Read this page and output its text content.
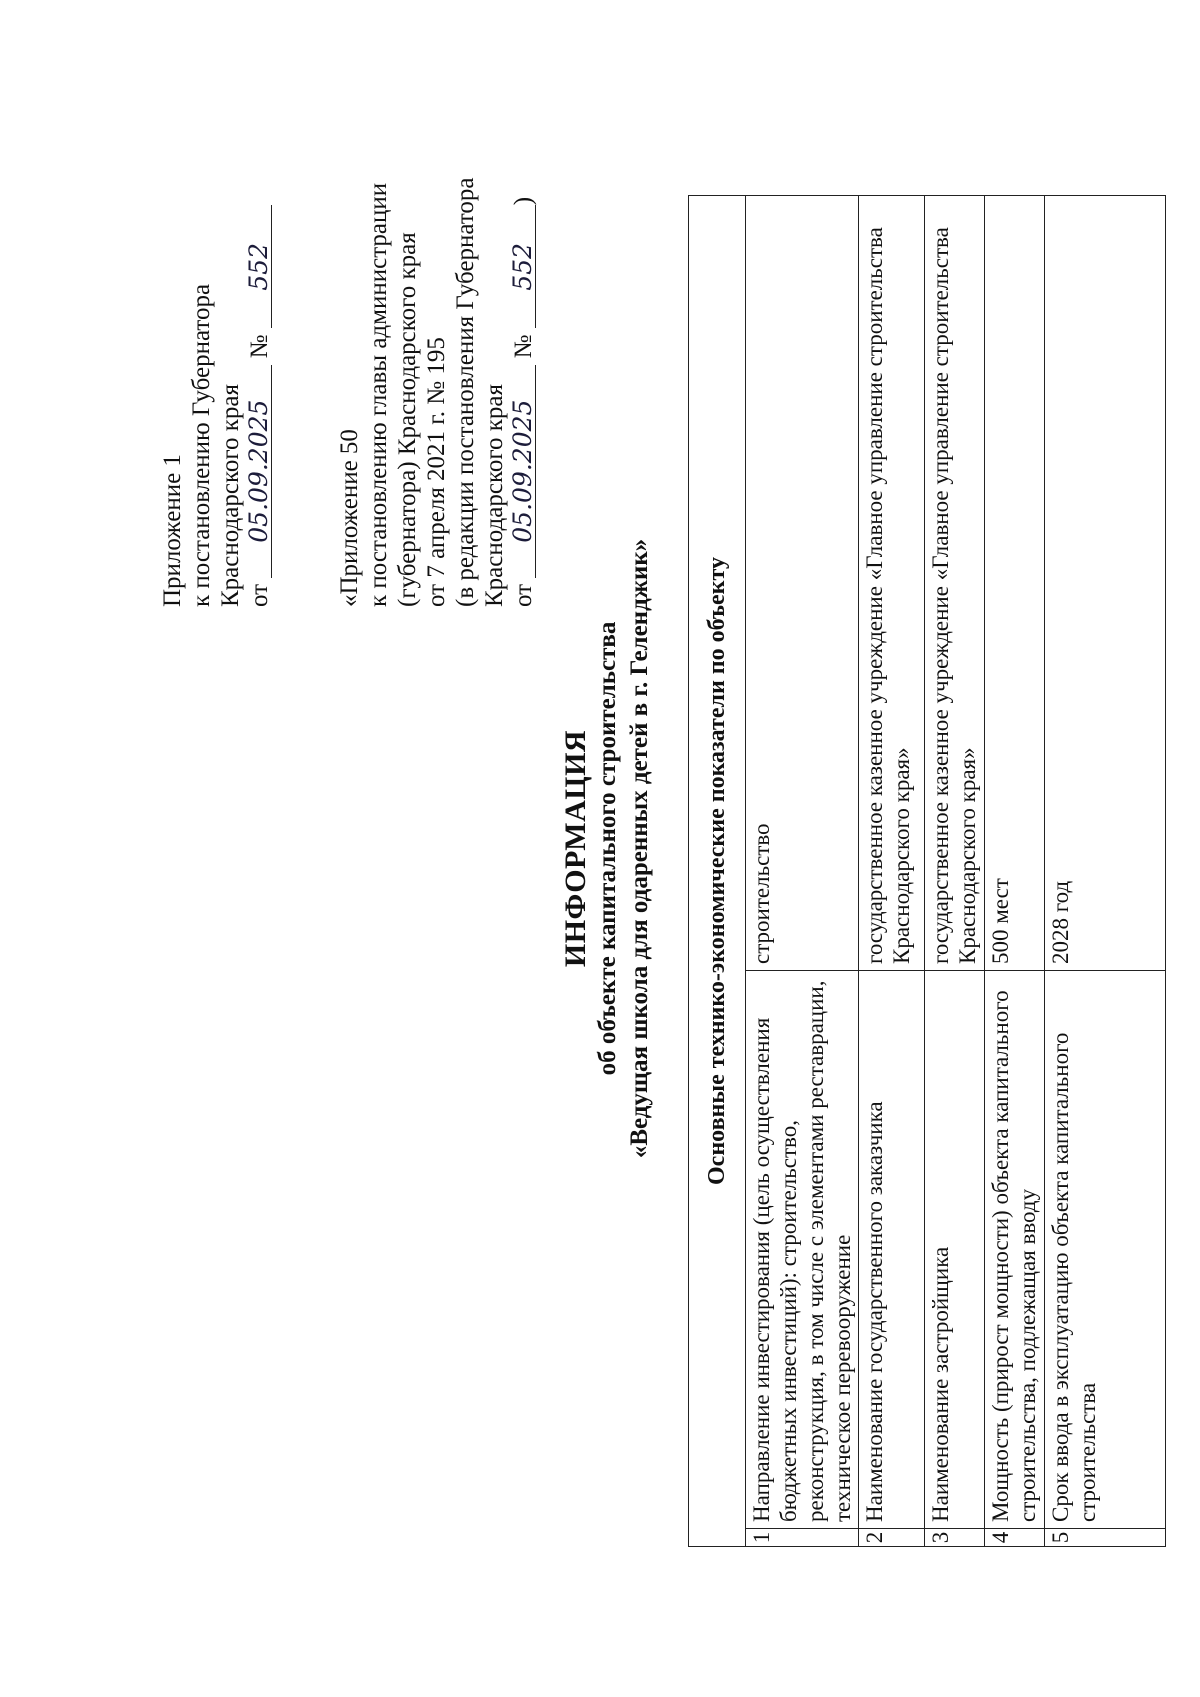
Приложение 1 к постановлению Губернатора Краснодарского края от 05.09.2025 № 552
«Приложение 50 к постановлению главы администрации (губернатора) Краснодарского края от 7 апреля 2021 г. № 195 (в редакции постановления Губернатора Краснодарского края от 05.09.2025 № 552)
ИНФОРМАЦИЯ об объекте капитального строительства «Ведущая школа для одаренных детей в г. Геленджик» Основные технико-экономические показатели по объекту		
1	Направление инвестирования (цель осуществления бюджетных инвестиций): строительство, реконструкция, в том числе с элементами реставрации, техническое перевооружение	строительство
2	Наименование государственного заказчика	государственное казенное учреждение «Главное управление строительства Краснодарского края»
3	Наименование застройщика	государственное казенное учреждение «Главное управление строительства Краснодарского края»
4	Мощность (прирост мощности) объекта капитального строительства, подлежащая вводу	500 мест
5	Срок ввода в эксплуатацию объекта капитального строительства	2028 год
